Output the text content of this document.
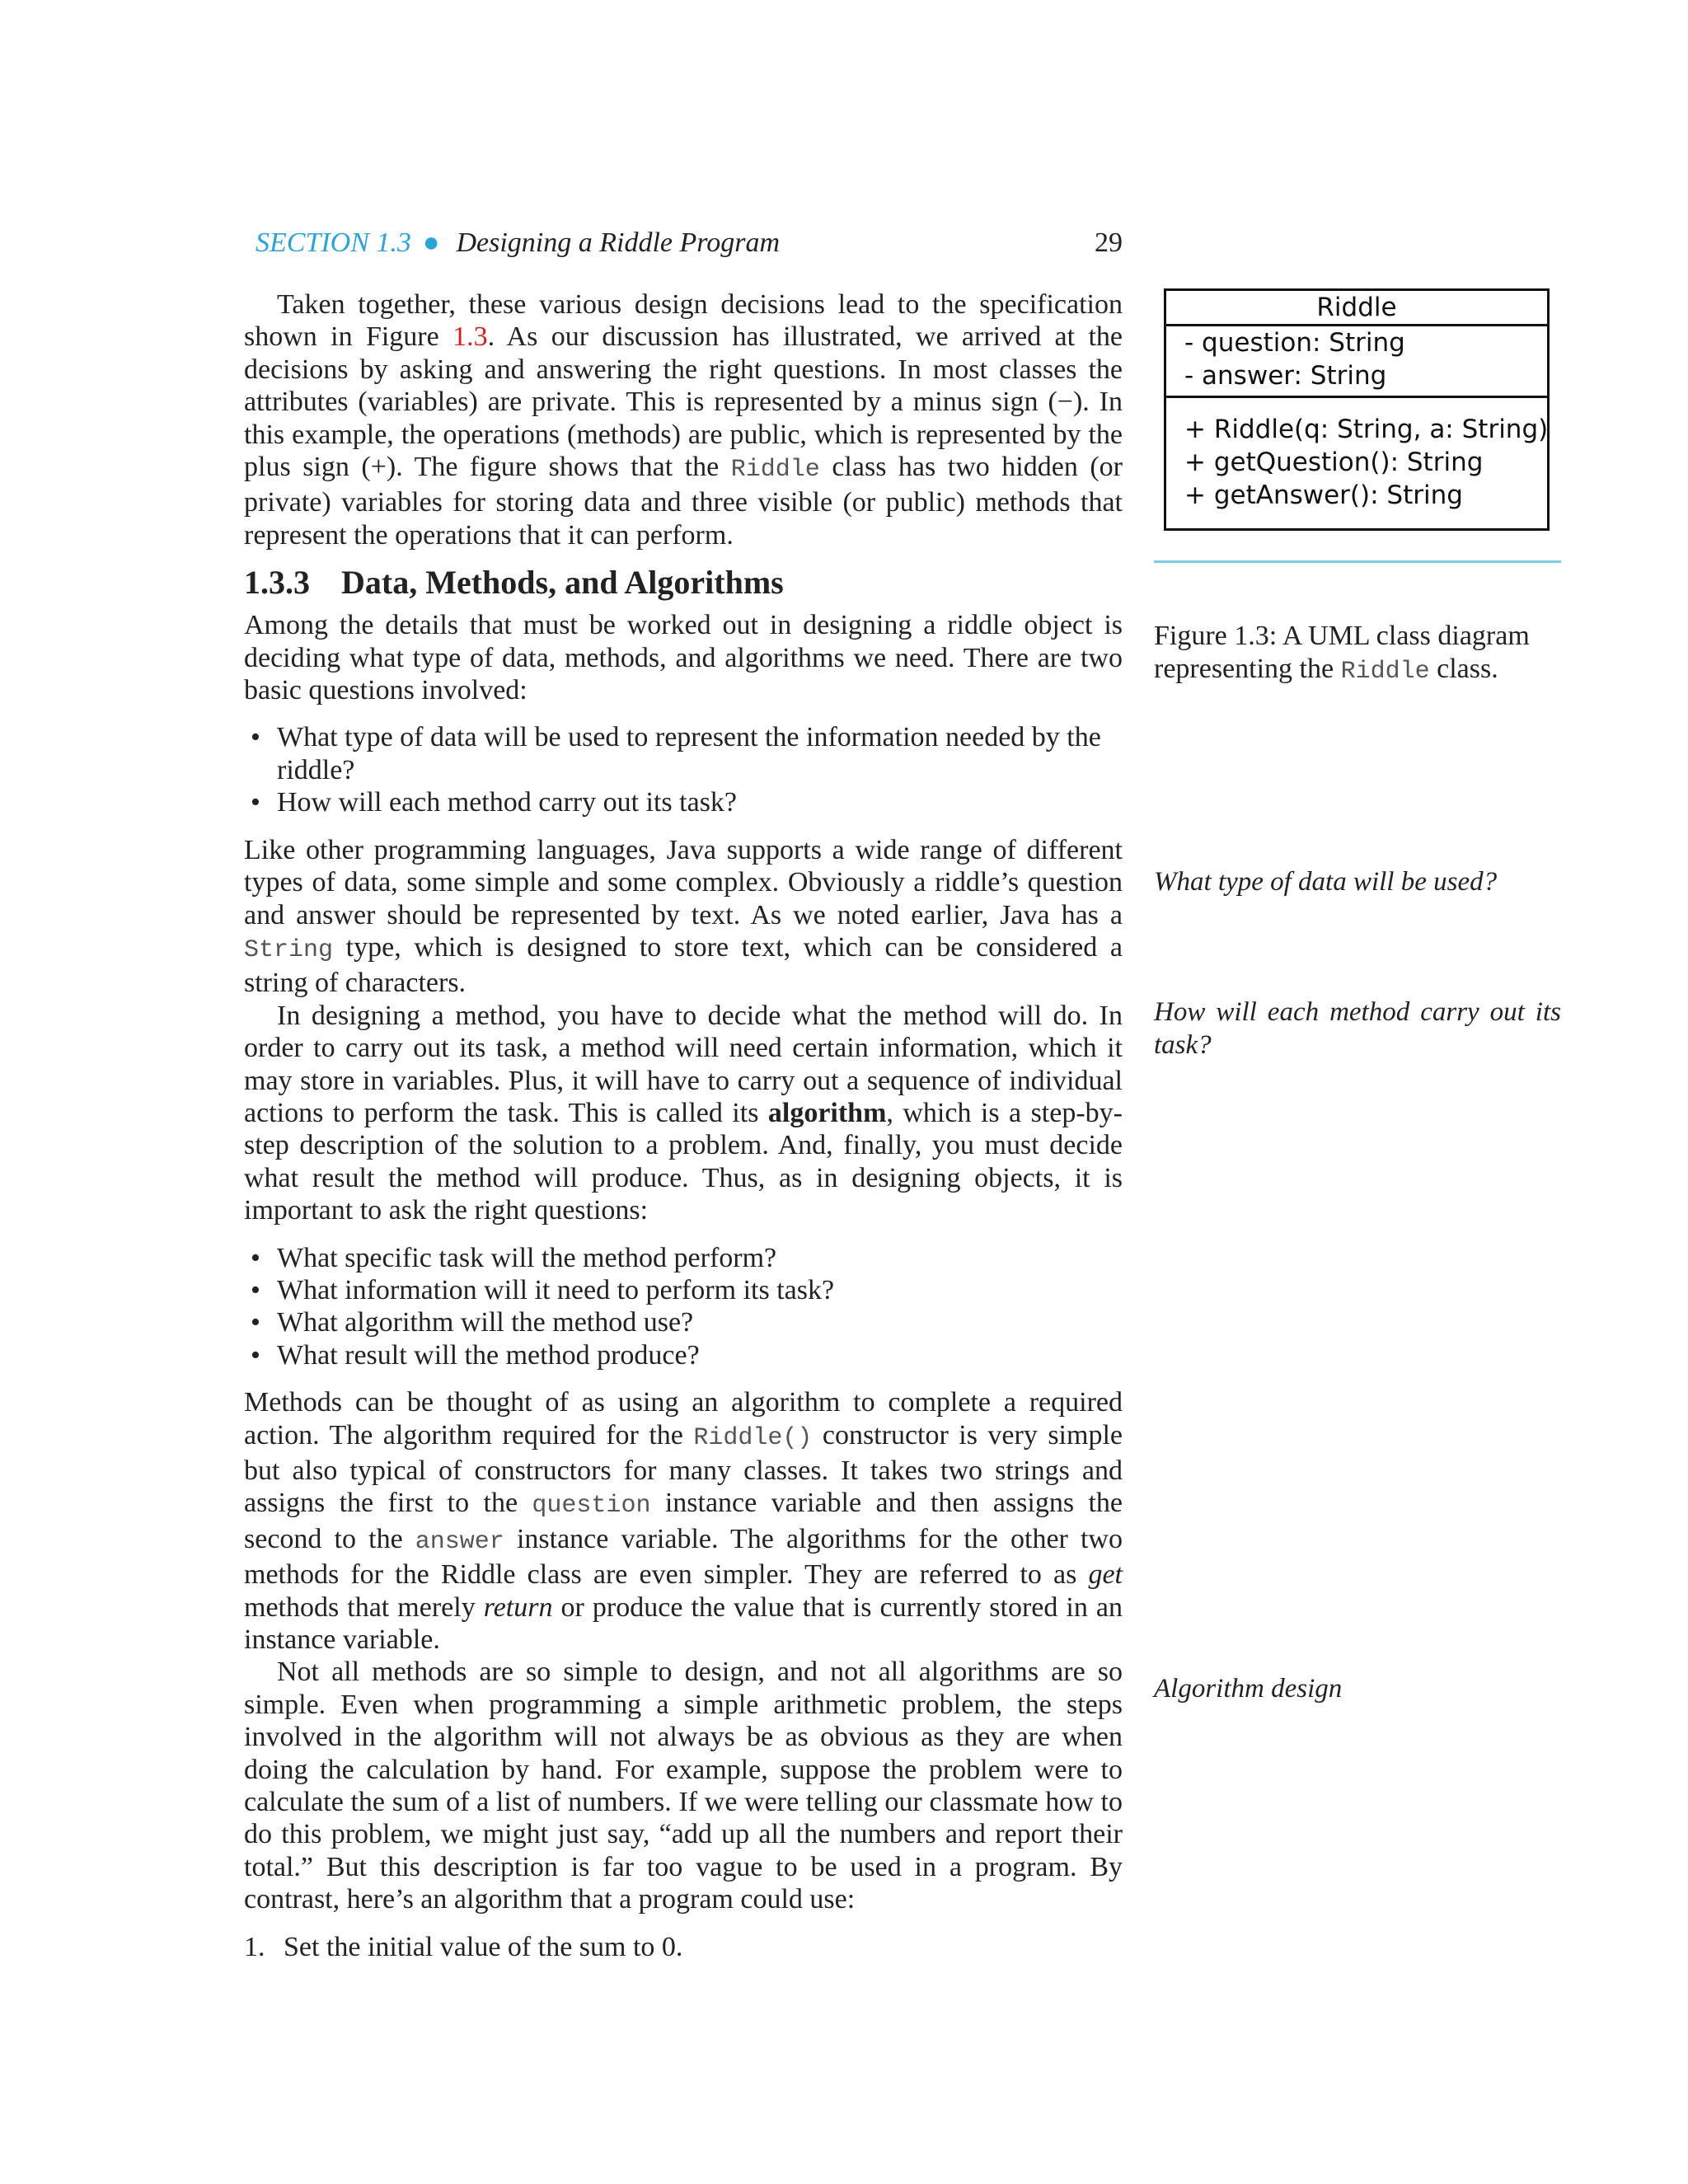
SECTION 1.3 ● Designing a Riddle Program	29

Taken together, these various design decisions lead to the specification shown in Figure 1.3. As our discussion has illustrated, we arrived at the decisions by asking and answering the right questions. In most classes the attributes (variables) are private. This is represented by a minus sign (−). In this example, the operations (methods) are public, which is represented by the plus sign (+). The figure shows that the Riddle class has two hidden (or private) variables for storing data and three visible (or public) methods that represent the operations that it can perform.

1.3.3 Data, Methods, and Algorithms

Among the details that must be worked out in designing a riddle object is deciding what type of data, methods, and algorithms we need. There are two basic questions involved:

• What type of data will be used to represent the information needed by the riddle?
• How will each method carry out its task?

Like other programming languages, Java supports a wide range of different types of data, some simple and some complex. Obviously a riddle’s question and answer should be represented by text. As we noted earlier, Java has a String type, which is designed to store text, which can be considered a string of characters.

In designing a method, you have to decide what the method will do. In order to carry out its task, a method will need certain information, which it may store in variables. Plus, it will have to carry out a sequence of individual actions to perform the task. This is called its algorithm, which is a step-by-step description of the solution to a problem. And, finally, you must decide what result the method will produce. Thus, as in designing objects, it is important to ask the right questions:

• What specific task will the method perform?
• What information will it need to perform its task?
• What algorithm will the method use?
• What result will the method produce?

Methods can be thought of as using an algorithm to complete a required action. The algorithm required for the Riddle() constructor is very simple but also typical of constructors for many classes. It takes two strings and assigns the first to the question instance variable and then assigns the second to the answer instance variable. The algorithms for the other two methods for the Riddle class are even simpler. They are referred to as get methods that merely return or produce the value that is currently stored in an instance variable.

Not all methods are so simple to design, and not all algorithms are so simple. Even when programming a simple arithmetic problem, the steps involved in the algorithm will not always be as obvious as they are when doing the calculation by hand. For example, suppose the problem were to calculate the sum of a list of numbers. If we were telling our classmate how to do this problem, we might just say, “add up all the numbers and report their total.” But this description is far too vague to be used in a program. By contrast, here’s an algorithm that a program could use:

1. Set the initial value of the sum to 0.
Riddle
- question: String
- answer: String
+ Riddle(q: String, a: String)
+ getQuestion(): String
+ getAnswer(): String
Figure 1.3: A UML class diagram representing the Riddle class.
What type of data will be used?
How will each method carry out its task?
Algorithm design
